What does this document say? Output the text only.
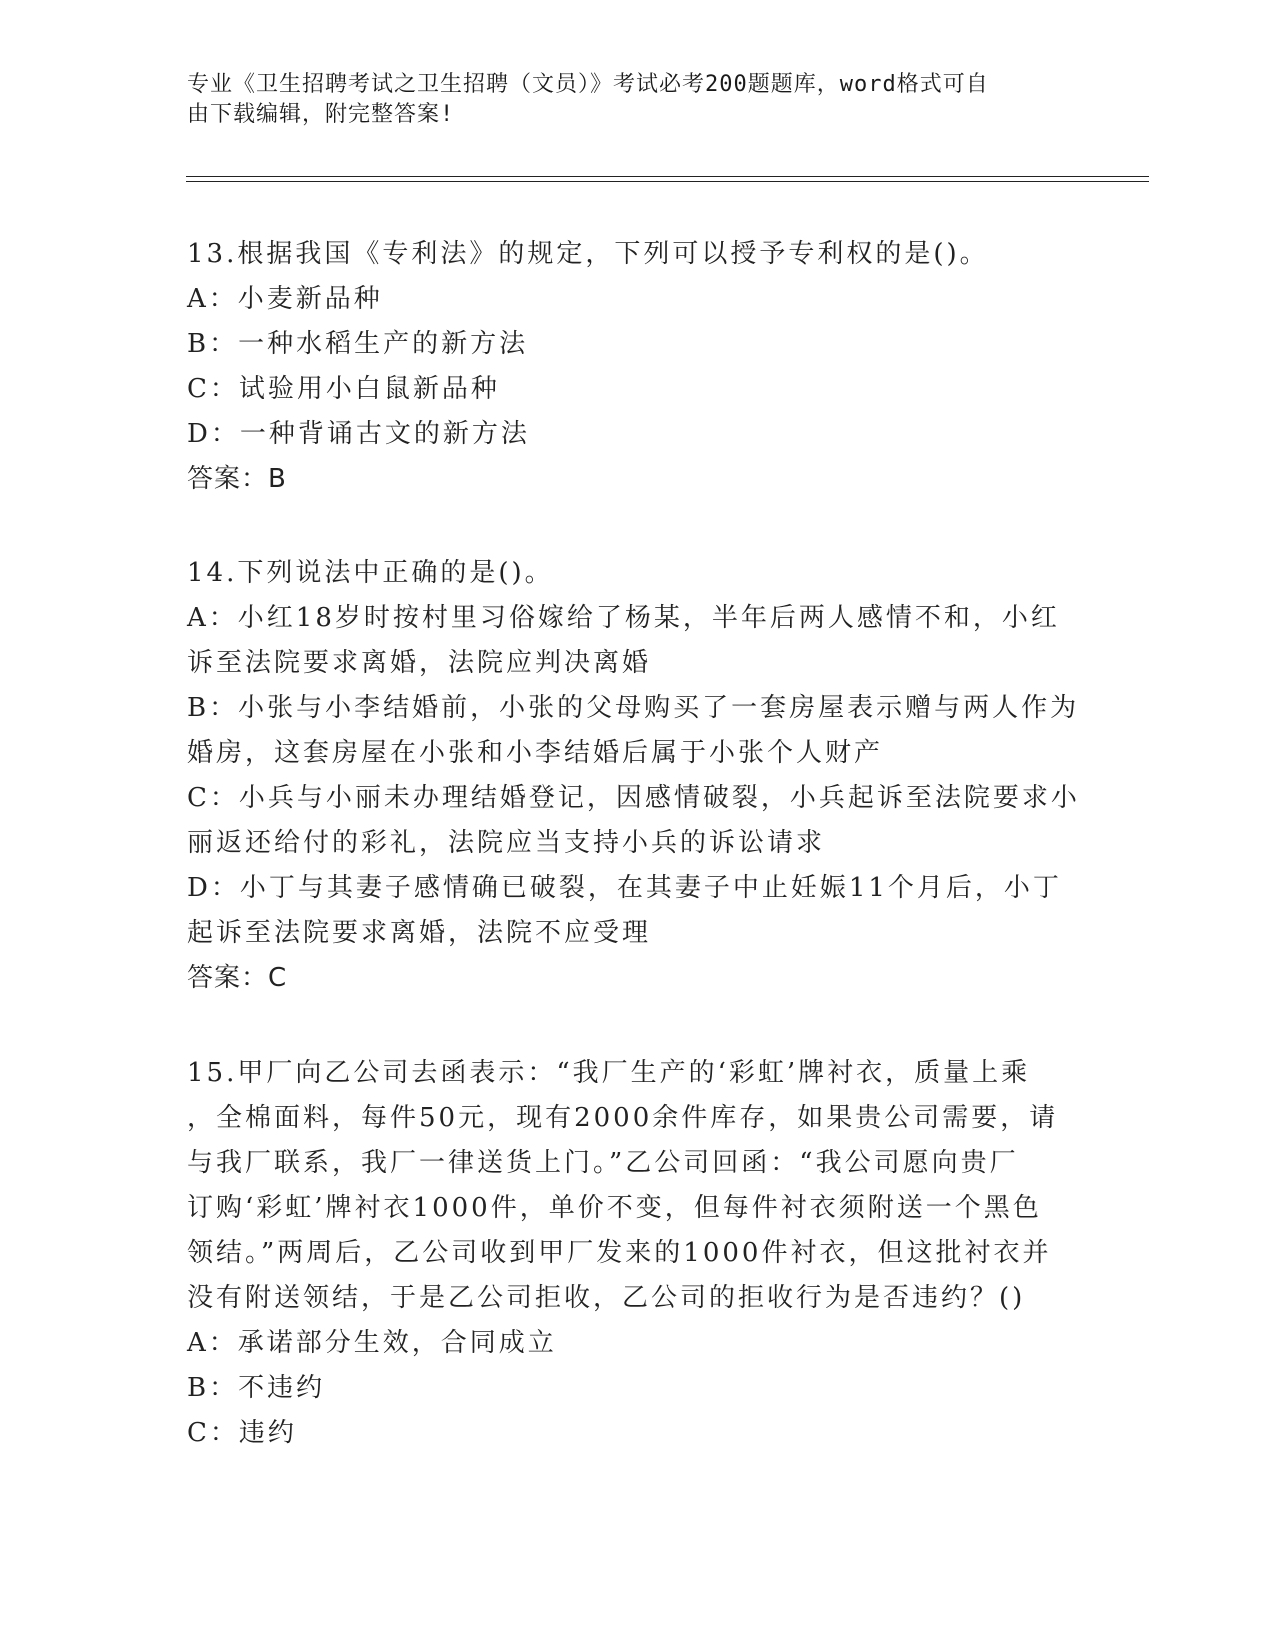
专业《卫生招聘考试之卫生招聘（文员）》考试必考200题题库，word格式可自
由下载编辑，附完整答案!
13.根据我国《专利法》的规定，下列可以授予专利权的是()。
A：小麦新品种
B：一种水稻生产的新方法
C：试验用小白鼠新品种
D：一种背诵古文的新方法
答案：B
14.下列说法中正确的是()。
A：小红18岁时按村里习俗嫁给了杨某，半年后两人感情不和，小红
诉至法院要求离婚，法院应判决离婚
B：小张与小李结婚前，小张的父母购买了一套房屋表示赠与两人作为
婚房，这套房屋在小张和小李结婚后属于小张个人财产
C：小兵与小丽未办理结婚登记，因感情破裂，小兵起诉至法院要求小
丽返还给付的彩礼，法院应当支持小兵的诉讼请求
D：小丁与其妻子感情确已破裂，在其妻子中止妊娠11个月后，小丁
起诉至法院要求离婚，法院不应受理
答案：C
15.甲厂向乙公司去函表示：“我厂生产的‘彩虹’牌衬衣，质量上乘
，全棉面料，每件50元，现有2000余件库存，如果贵公司需要，请
与我厂联系，我厂一律送货上门。”乙公司回函：“我公司愿向贵厂
订购‘彩虹’牌衬衣1000件，单价不变，但每件衬衣须附送一个黑色
领结。”两周后，乙公司收到甲厂发来的1000件衬衣，但这批衬衣并
没有附送领结，于是乙公司拒收，乙公司的拒收行为是否违约？()
A：承诺部分生效，合同成立
B：不违约
C：违约
